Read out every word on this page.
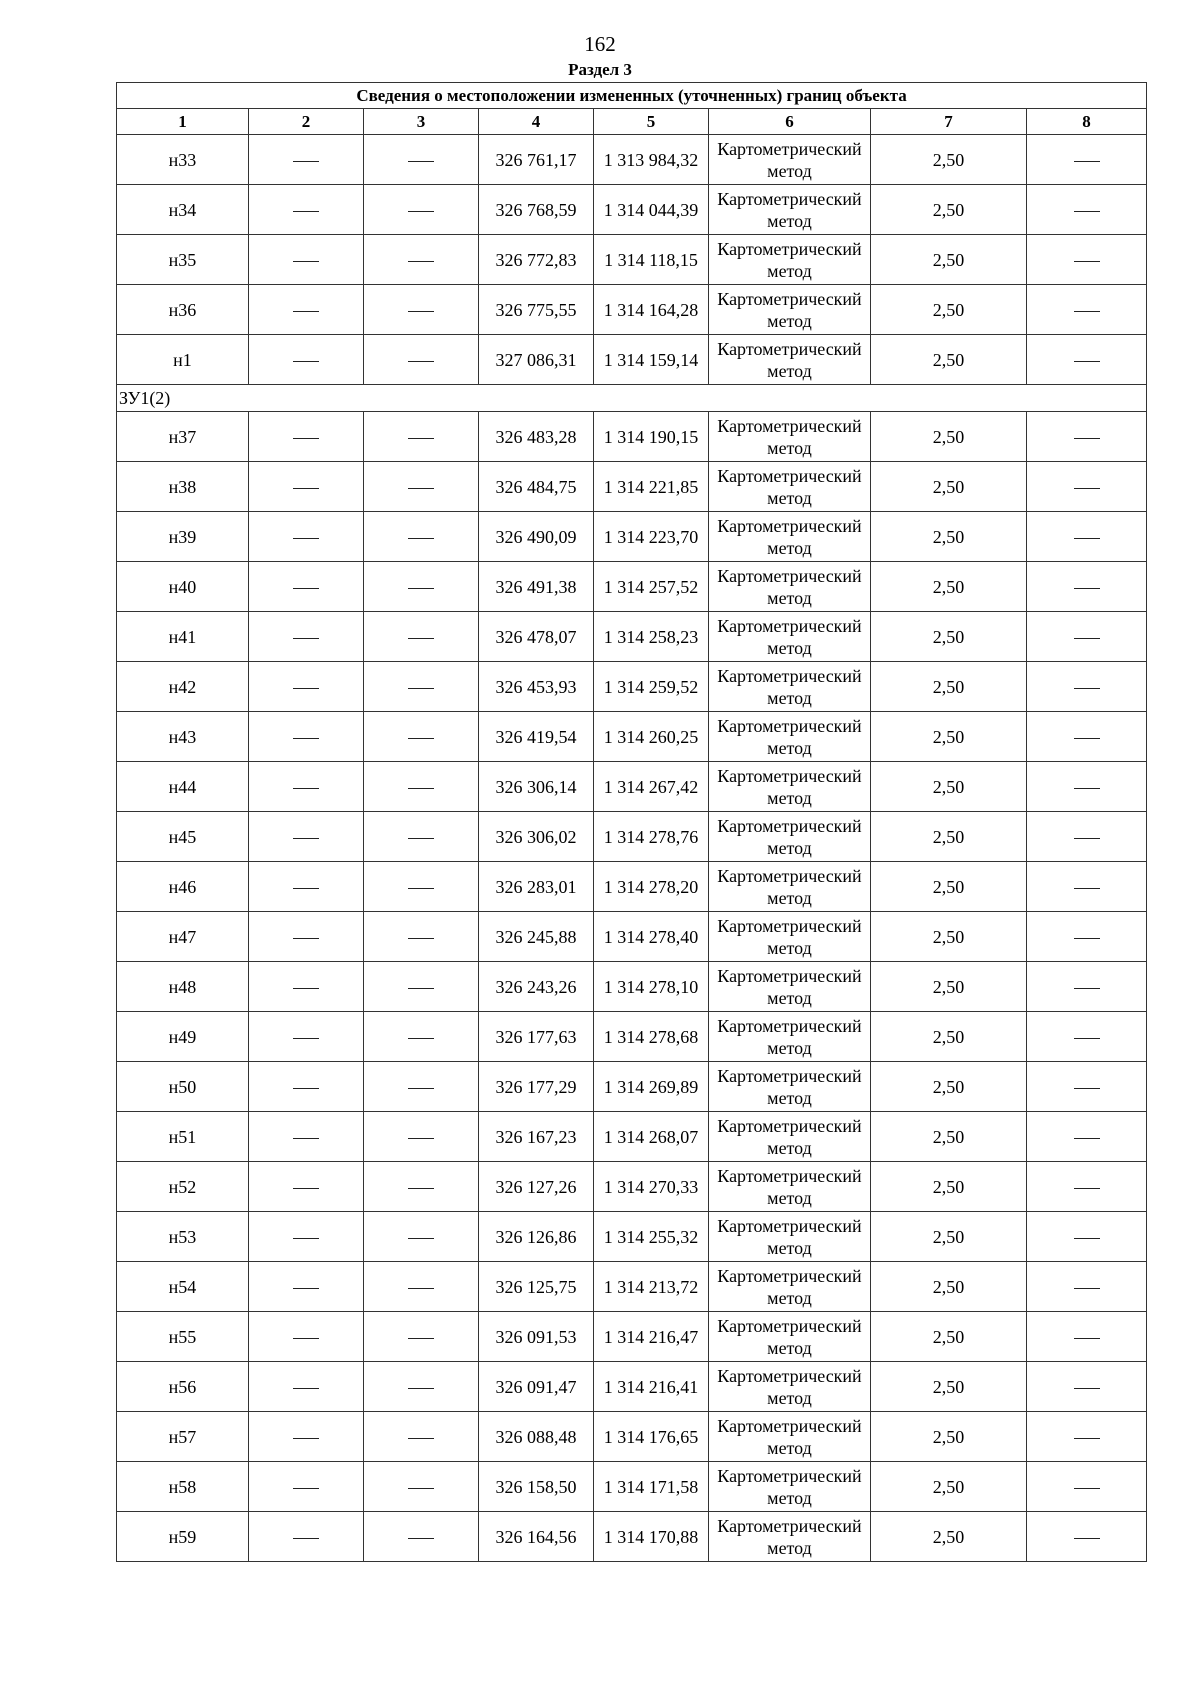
162
Раздел 3
Сведения о местоположении измененных (уточненных) границ объекта							
1	2	3	4	5	6	7	8
н33			326 761,17	1 313 984,32	Картометрический метод	2,50	
н34			326 768,59	1 314 044,39	Картометрический метод	2,50	
н35			326 772,83	1 314 118,15	Картометрический метод	2,50	
н36			326 775,55	1 314 164,28	Картометрический метод	2,50	
н1			327 086,31	1 314 159,14	Картометрический метод	2,50	
ЗУ1(2)							
н37			326 483,28	1 314 190,15	Картометрический метод	2,50	
н38			326 484,75	1 314 221,85	Картометрический метод	2,50	
н39			326 490,09	1 314 223,70	Картометрический метод	2,50	
н40			326 491,38	1 314 257,52	Картометрический метод	2,50	
н41			326 478,07	1 314 258,23	Картометрический метод	2,50	
н42			326 453,93	1 314 259,52	Картометрический метод	2,50	
н43			326 419,54	1 314 260,25	Картометрический метод	2,50	
н44			326 306,14	1 314 267,42	Картометрический метод	2,50	
н45			326 306,02	1 314 278,76	Картометрический метод	2,50	
н46			326 283,01	1 314 278,20	Картометрический метод	2,50	
н47			326 245,88	1 314 278,40	Картометрический метод	2,50	
н48			326 243,26	1 314 278,10	Картометрический метод	2,50	
н49			326 177,63	1 314 278,68	Картометрический метод	2,50	
н50			326 177,29	1 314 269,89	Картометрический метод	2,50	
н51			326 167,23	1 314 268,07	Картометрический метод	2,50	
н52			326 127,26	1 314 270,33	Картометрический метод	2,50	
н53			326 126,86	1 314 255,32	Картометрический метод	2,50	
н54			326 125,75	1 314 213,72	Картометрический метод	2,50	
н55			326 091,53	1 314 216,47	Картометрический метод	2,50	
н56			326 091,47	1 314 216,41	Картометрический метод	2,50	
н57			326 088,48	1 314 176,65	Картометрический метод	2,50	
н58			326 158,50	1 314 171,58	Картометрический метод	2,50	
н59			326 164,56	1 314 170,88	Картометрический метод	2,50	
